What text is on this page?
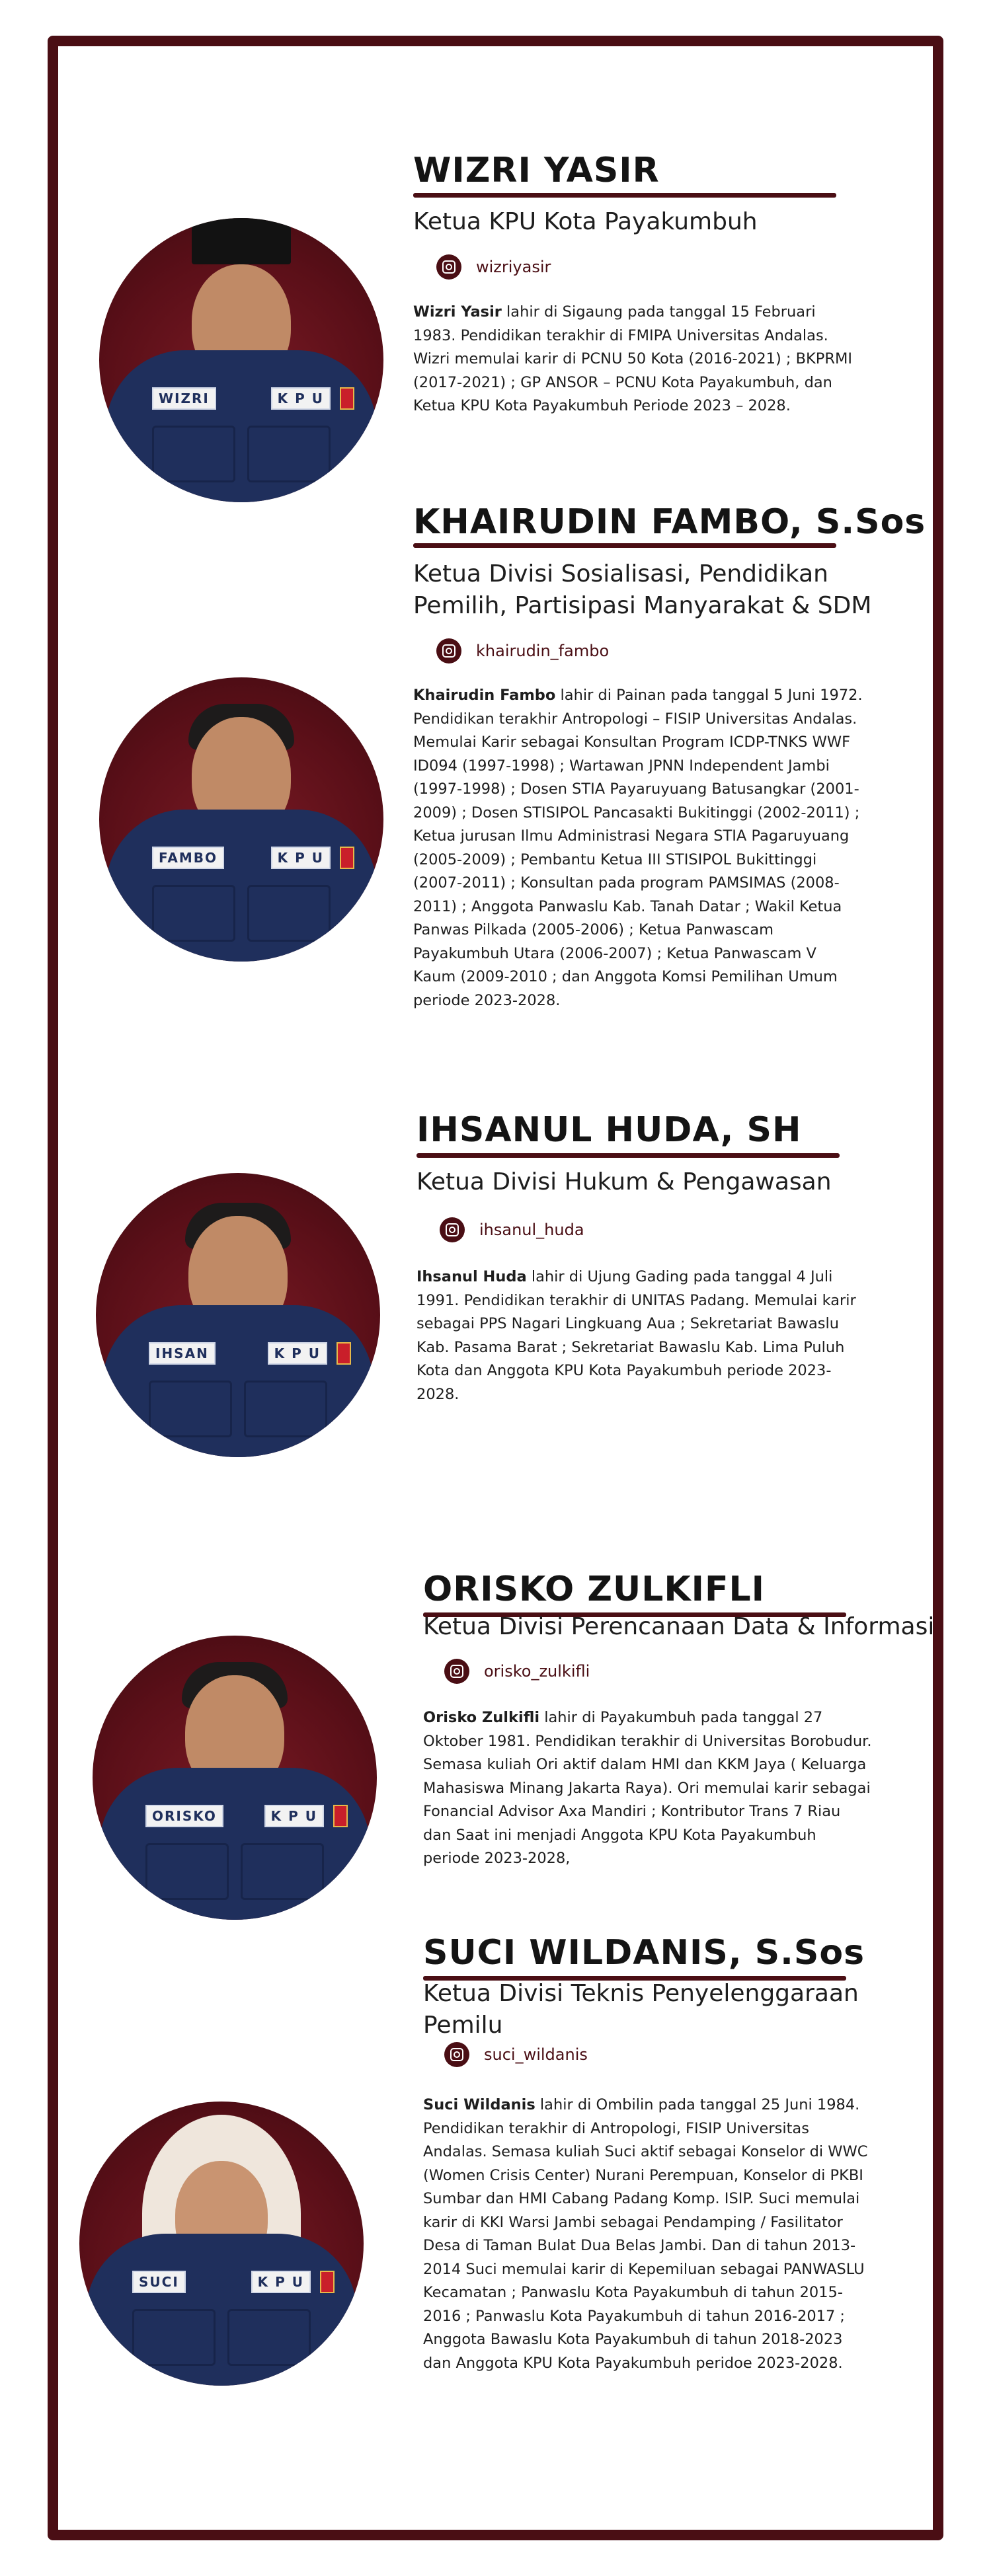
WIZRI	K P U
WIZRI YASIR
Ketua KPU Kota Payakumbuh
wizriyasir

Wizri Yasir lahir di Sigaung pada tanggal 15 Februari 1983. Pendidikan terakhir di FMIPA Universitas Andalas. Wizri memulai karir di PCNU 50 Kota (2016-2021) ; BKPRMI (2017-2021) ; GP ANSOR – PCNU Kota Payakumbuh, dan Ketua KPU Kota Payakumbuh Periode 2023 – 2028.

FAMBO	K P U
KHAIRUDIN FAMBO, S.Sos
Ketua Divisi Sosialisasi, Pendidikan Pemilih, Partisipasi Manyarakat & SDM
khairudin_fambo

Khairudin Fambo lahir di Painan pada tanggal 5 Juni 1972. Pendidikan terakhir Antropologi – FISIP Universitas Andalas. Memulai Karir sebagai Konsultan Program ICDP-TNKS WWF ID094 (1997-1998) ; Wartawan JPNN Independent Jambi (1997-1998) ; Dosen STIA Payaruyuang Batusangkar (2001-2009) ; Dosen STISIPOL Pancasakti Bukitinggi (2002-2011) ; Ketua jurusan Ilmu Administrasi Negara STIA Pagaruyuang (2005-2009) ; Pembantu Ketua III STISIPOL Bukittinggi (2007-2011) ; Konsultan pada program PAMSIMAS (2008-2011) ; Anggota Panwaslu Kab. Tanah Datar ; Wakil Ketua Panwas Pilkada (2005-2006) ; Ketua Panwascam Payakumbuh Utara (2006-2007) ; Ketua Panwascam V Kaum (2009-2010 ; dan Anggota Komsi Pemilihan Umum periode 2023-2028.

IHSAN	K P U
IHSANUL HUDA, SH
Ketua Divisi Hukum & Pengawasan
ihsanul_huda

Ihsanul Huda lahir di Ujung Gading pada tanggal 4 Juli 1991. Pendidikan terakhir di UNITAS Padang. Memulai karir sebagai PPS Nagari Lingkuang Aua ; Sekretariat Bawaslu Kab. Pasama Barat ; Sekretariat Bawaslu Kab. Lima Puluh Kota dan Anggota KPU Kota Payakumbuh periode 2023-2028.

ORISKO	K P U
ORISKO ZULKIFLI
Ketua Divisi Perencanaan Data & Informasi
orisko_zulkifli

Orisko Zulkifli lahir di Payakumbuh pada tanggal 27 Oktober 1981. Pendidikan terakhir di Universitas Borobudur. Semasa kuliah Ori aktif dalam HMI dan KKM Jaya ( Keluarga Mahasiswa Minang Jakarta Raya). Ori memulai karir sebagai Fonancial Advisor Axa Mandiri ; Kontributor Trans 7 Riau dan Saat ini menjadi Anggota KPU Kota Payakumbuh periode 2023-2028,

SUCI	K P U
SUCI WILDANIS, S.Sos
Ketua Divisi Teknis Penyelenggaraan Pemilu
suci_wildanis

Suci Wildanis lahir di Ombilin pada tanggal 25 Juni 1984. Pendidikan terakhir di Antropologi, FISIP Universitas Andalas. Semasa kuliah Suci aktif sebagai Konselor di WWC (Women Crisis Center) Nurani Perempuan, Konselor di PKBI Sumbar dan HMI Cabang Padang Komp. ISIP. Suci memulai karir di KKI Warsi Jambi sebagai Pendamping / Fasilitator Desa di Taman Bulat Dua Belas Jambi. Dan di tahun 2013-2014 Suci memulai karir di Kepemiluan sebagai PANWASLU Kecamatan ; Panwaslu Kota Payakumbuh di tahun 2015-2016 ; Panwaslu Kota Payakumbuh di tahun 2016-2017 ; Anggota Bawaslu Kota Payakumbuh di tahun 2018-2023 dan Anggota KPU Kota Payakumbuh peridoe 2023-2028.
